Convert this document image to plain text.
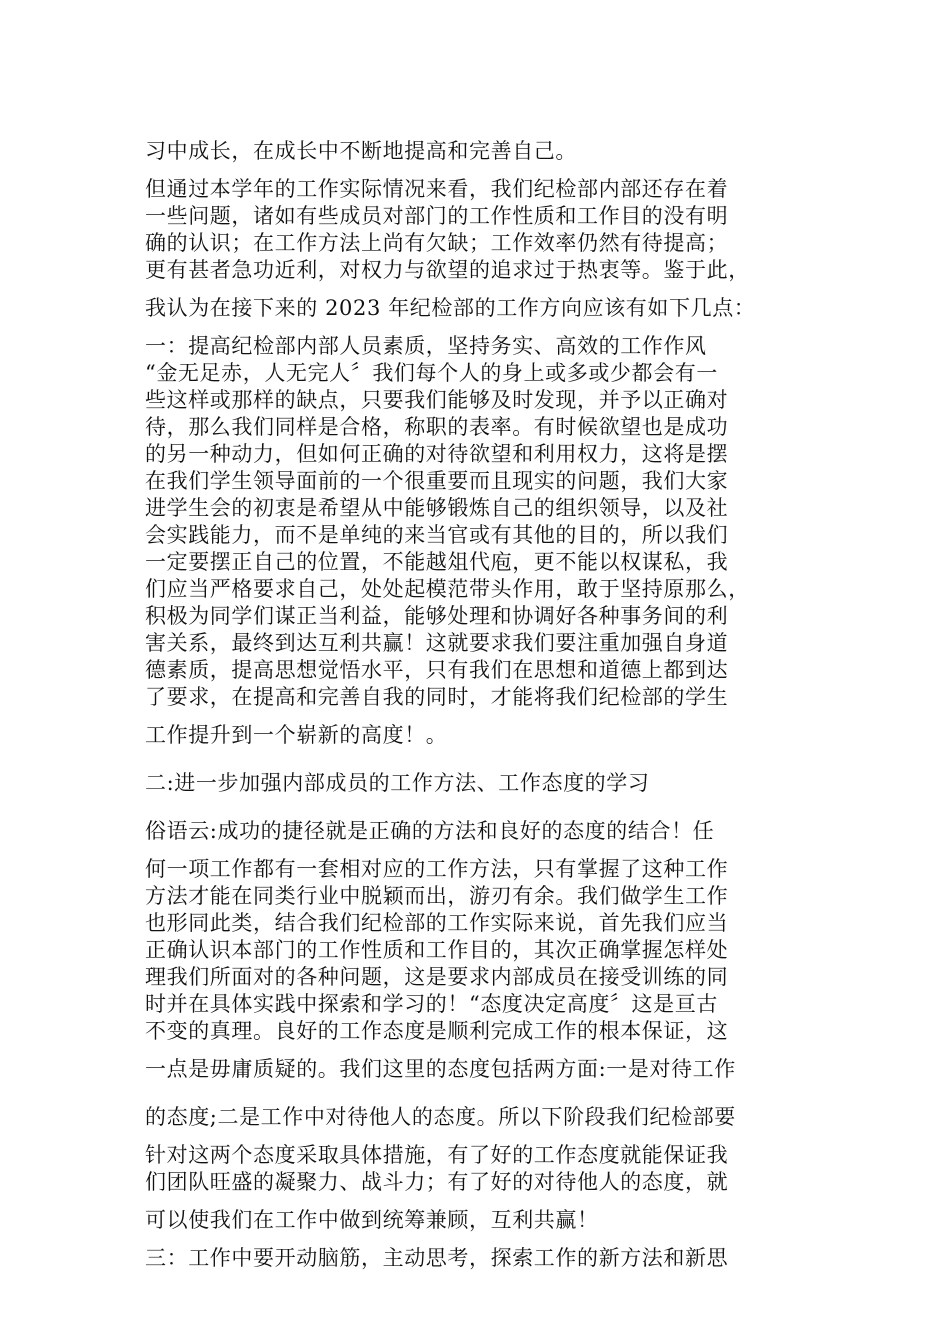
习中成长，在成长中不断地提高和完善自己。

但通过本学年的工作实际情况来看，我们纪检部内部还存在着

一些问题，诸如有些成员对部门的工作性质和工作目的没有明

确的认识；在工作方法上尚有欠缺；工作效率仍然有待提高；

更有甚者急功近利，对权力与欲望的追求过于热衷等。鉴于此，

我认为在接下来的 2023 年纪检部的工作方向应该有如下几点：

一：提高纪检部内部人员素质，坚持务实、高效的工作作风

“金无足赤，人无完人〞我们每个人的身上或多或少都会有一

些这样或那样的缺点，只要我们能够及时发现，并予以正确对

待，那么我们同样是合格，称职的表率。有时候欲望也是成功

的另一种动力，但如何正确的对待欲望和利用权力，这将是摆

在我们学生领导面前的一个很重要而且现实的问题，我们大家

进学生会的初衷是希望从中能够锻炼自己的组织领导，以及社

会实践能力，而不是单纯的来当官或有其他的目的，所以我们

一定要摆正自己的位置，不能越俎代庖，更不能以权谋私，我

们应当严格要求自己，处处起模范带头作用，敢于坚持原那么，

积极为同学们谋正当利益，能够处理和协调好各种事务间的利

害关系，最终到达互利共赢！这就要求我们要注重加强自身道

德素质，提高思想觉悟水平，只有我们在思想和道德上都到达

了要求，在提高和完善自我的同时，才能将我们纪检部的学生

工作提升到一个崭新的高度！。

二:进一步加强内部成员的工作方法、工作态度的学习

俗语云:成功的捷径就是正确的方法和良好的态度的结合！任

何一项工作都有一套相对应的工作方法，只有掌握了这种工作

方法才能在同类行业中脱颖而出，游刃有余。我们做学生工作

也形同此类，结合我们纪检部的工作实际来说，首先我们应当

正确认识本部门的工作性质和工作目的，其次正确掌握怎样处

理我们所面对的各种问题，这是要求内部成员在接受训练的同

时并在具体实践中探索和学习的！“态度决定高度〞这是亘古

不变的真理。良好的工作态度是顺利完成工作的根本保证，这

一点是毋庸质疑的。我们这里的态度包括两方面:一是对待工作

的态度;二是工作中对待他人的态度。所以下阶段我们纪检部要

针对这两个态度采取具体措施，有了好的工作态度就能保证我

们团队旺盛的凝聚力、战斗力；有了好的对待他人的态度，就

可以使我们在工作中做到统筹兼顾，互利共赢！

三：工作中要开动脑筋，主动思考，探索工作的新方法和新思
